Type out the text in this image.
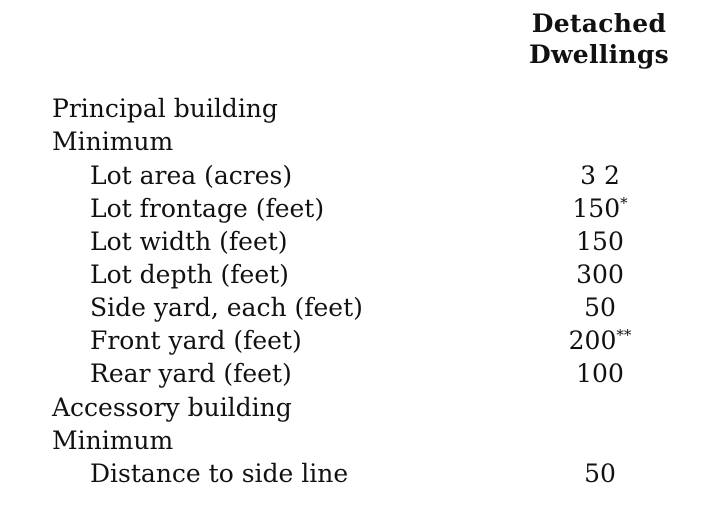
Detached
Dwellings
Principal building
Minimum
Lot area (acres)	3 2
Lot frontage (feet)	150*
Lot width (feet)	150
Lot depth (feet)	300
Side yard, each (feet)	50
Front yard (feet)	200**
Rear yard (feet)	100
Accessory building
Minimum
Distance to side line	50
